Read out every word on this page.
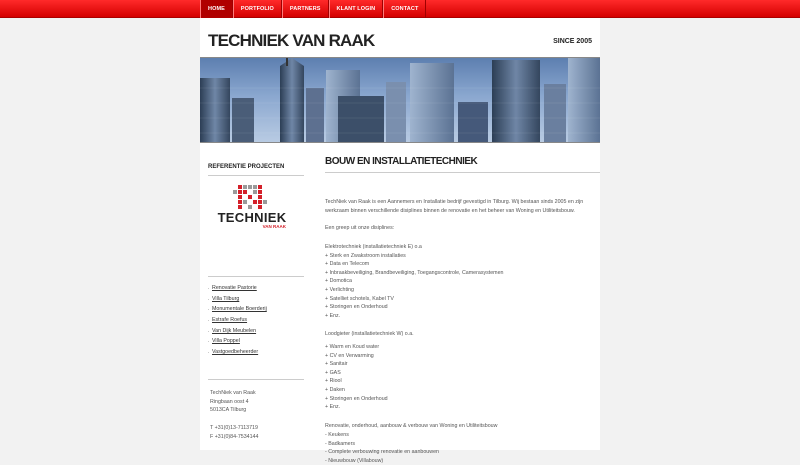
HOME	PORTFOLIO	PARTNERS	KLANT LOGIN	CONTACT
TECHNIEK VAN RAAK	SINCE 2005
REFERENTIE PROJECTEN
TECHNIEK
VAN RAAK
. Renovatie Pastorie
. Villa Tilburg
. Monumentale Boerderij
. Estrafe Roefus
. Van Dijk Meubelen
. Villa Poppel
. Vastgoedbeheerder
TechNiek van Raak
Ringbaan oost 4
5013CA Tilburg
T +31(0)13-7113719
F +31(0)84-7534144
BOUW EN INSTALLATIETECHNIEK
TechNiek van Raak is een Aannemers en Installatie bedrijf gevestigd in Tilburg. Wij bestaan sinds 2005 en zijn
werkzaam binnen verschillende disiplines binnen de renovatie en het beheer van Woning en Utiliteitsbouw.
Een greep uit onze disiplines:
Elektrotechniek (installatietechniek E) o.a
+ Sterk en Zwakstroom installaties
+ Data en Telecom
+ Inbraakbeveiliging, Brandbeveiliging, Toegangscontrole, Camerasystemen
+ Domotica
+ Verlichting
+ Satelliet schotels, Kabel TV
+ Storingen en Onderhoud
+ Enz.
Loodgieter (installatietechniek W) o.a.
+ Warm en Koud water
+ CV en Verwarming
+ Sanitair
+ GAS
+ Riool
+ Daken
+ Storingen en Onderhoud
+ Enz.
Renovatie, onderhoud, aanbouw & verbouw van Woning en Utiliteitsbouw
- Keukens
- Badkamers
- Complete verbouwing renovatie en aanbouwen
- Nieuwbouw (Villabouw)
